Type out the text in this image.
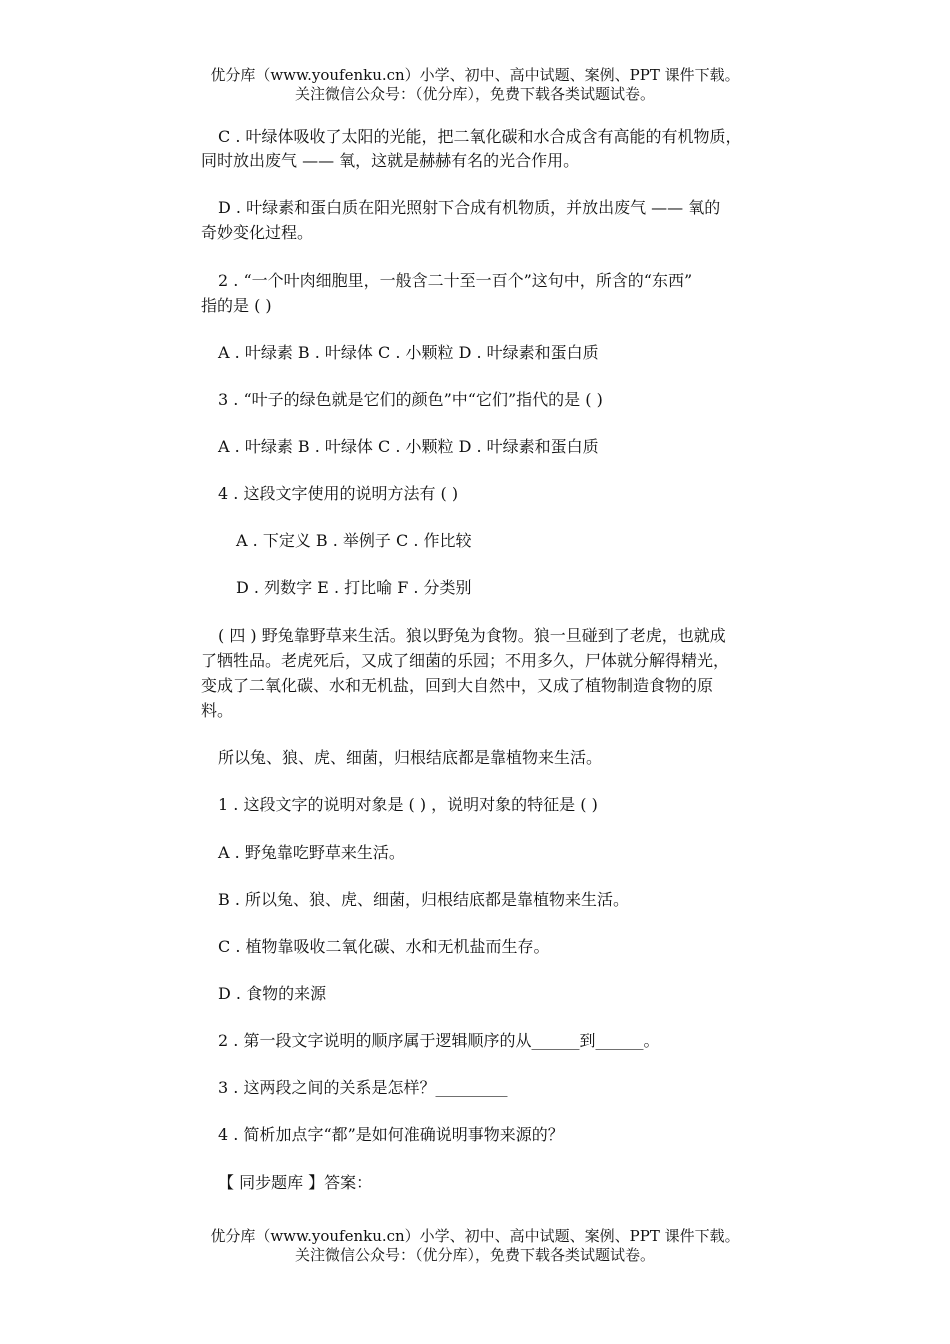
优分库（www.youfenku.cn）小学、初中、高中试题、案例、PPT 课件下载。
关注微信公众号：（优分库），免费下载各类试题试卷。
C . 叶绿体吸收了太阳的光能，把二氧化碳和水合成含有高能的有机物质，
同时放出废气 —— 氧，这就是赫赫有名的光合作用。
D . 叶绿素和蛋白质在阳光照射下合成有机物质，并放出废气 —— 氧的
奇妙变化过程。
2 . “一个叶肉细胞里，一般含二十至一百个”这句中，所含的“东西”
指的是 ( )
A . 叶绿素 B . 叶绿体 C . 小颗粒 D . 叶绿素和蛋白质
3 . “叶子的绿色就是它们的颜色”中“它们”指代的是 ( )
A . 叶绿素 B . 叶绿体 C . 小颗粒 D . 叶绿素和蛋白质
4 . 这段文字使用的说明方法有 ( )
A . 下定义 B . 举例子 C . 作比较
D . 列数字 E . 打比喻 F . 分类别
( 四 ) 野兔靠野草来生活。狼以野兔为食物。狼一旦碰到了老虎，也就成
了牺牲品。老虎死后，又成了细菌的乐园；不用多久，尸体就分解得精光，
变成了二氧化碳、水和无机盐，回到大自然中，又成了植物制造食物的原
料。
所以兔、狼、虎、细菌，归根结底都是靠植物来生活。
1 . 这段文字的说明对象是 ( ) ，说明对象的特征是 ( )
A . 野兔靠吃野草来生活。
B . 所以兔、狼、虎、细菌，归根结底都是靠植物来生活。
C . 植物靠吸收二氧化碳、水和无机盐而生存。
D . 食物的来源
2 . 第一段文字说明的顺序属于逻辑顺序的从______到______。
3 . 这两段之间的关系是怎样？_________
4 . 简析加点字“都”是如何准确说明事物来源的？
【 同步题库 】答案：
优分库（www.youfenku.cn）小学、初中、高中试题、案例、PPT 课件下载。
关注微信公众号：（优分库），免费下载各类试题试卷。
